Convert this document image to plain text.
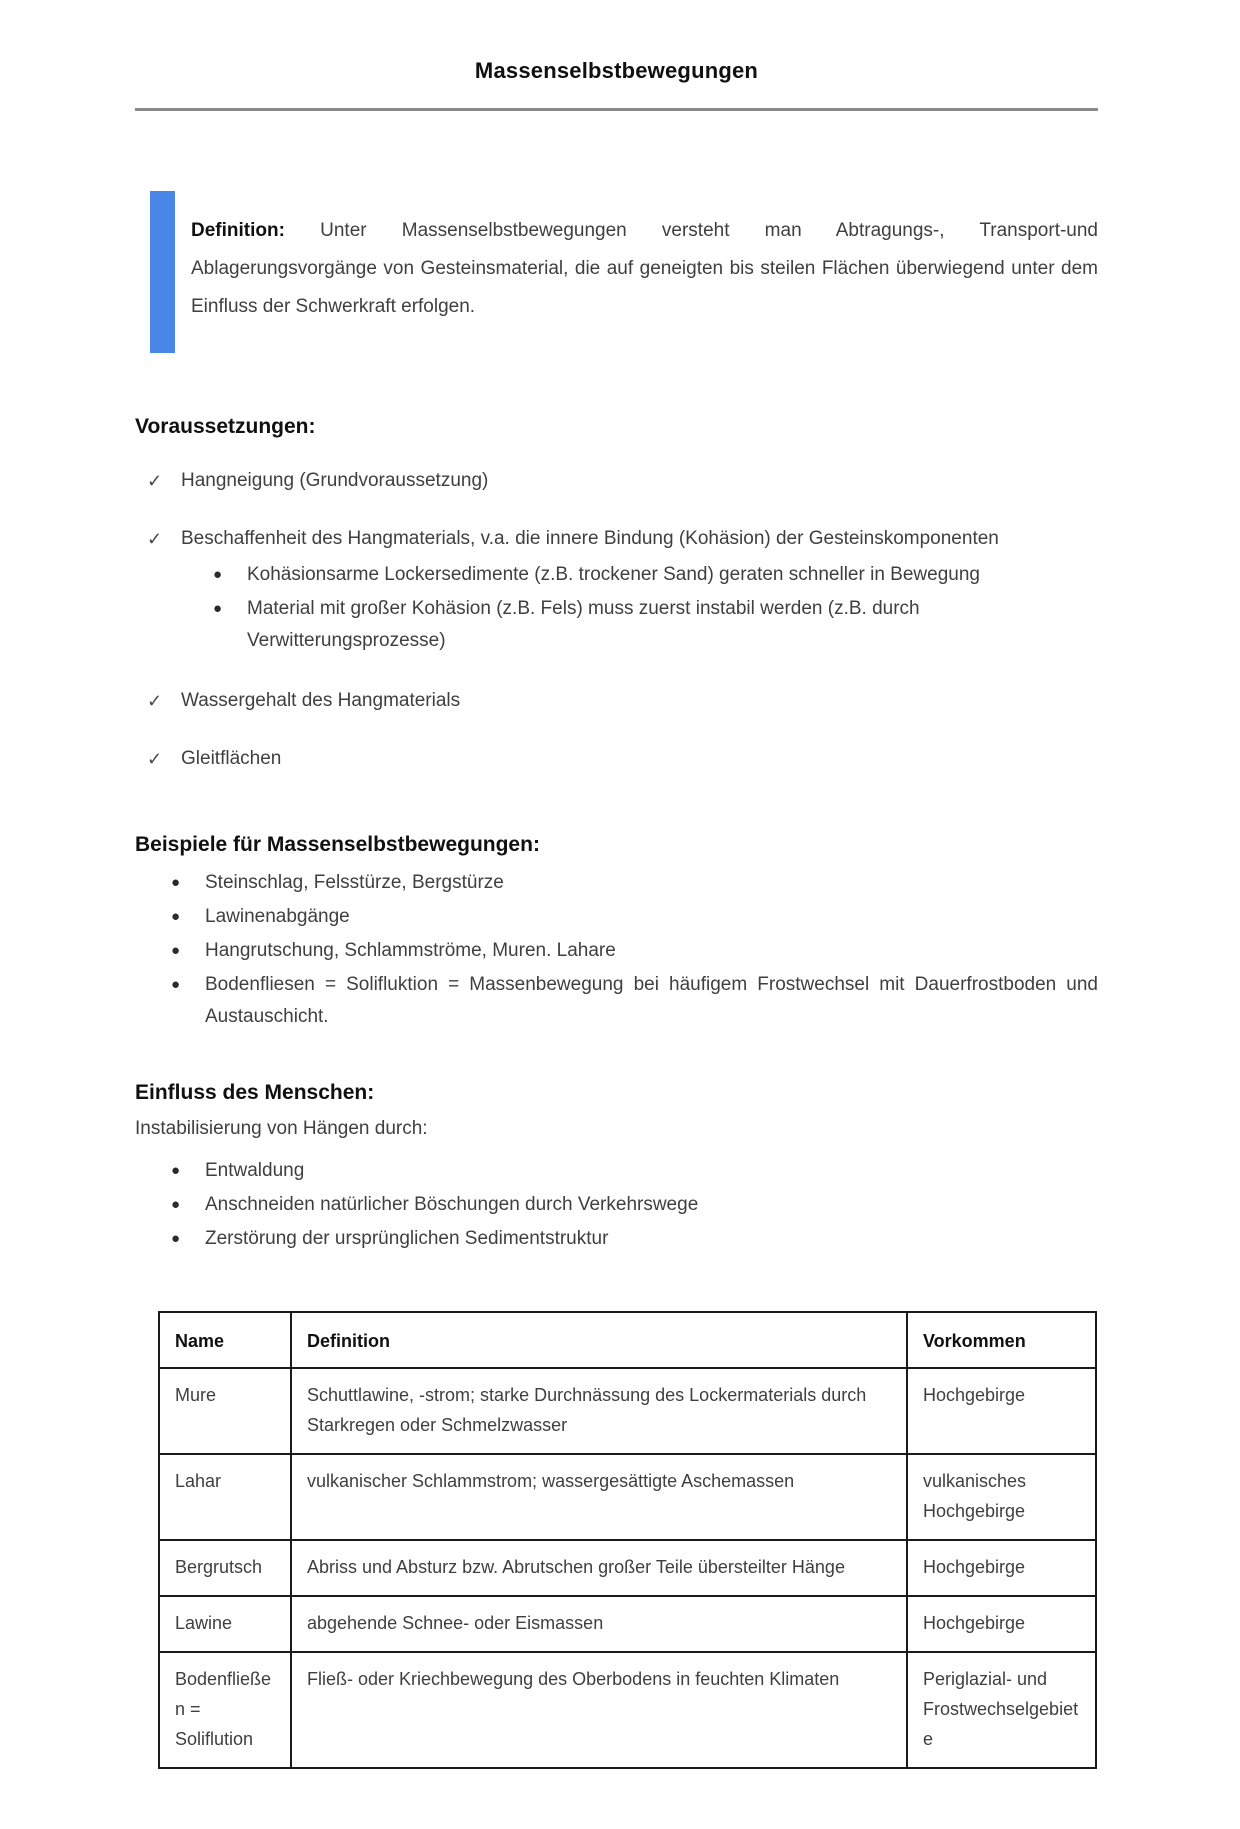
Massenselbstbewegungen

Definition: Unter Massenselbstbewegungen versteht man Abtragungs-, Transport-und Ablagerungsvorgänge von Gesteinsmaterial, die auf geneigten bis steilen Flächen überwiegend unter dem Einfluss der Schwerkraft erfolgen.

Voraussetzungen:
✓ Hangneigung (Grundvoraussetzung)
✓ Beschaffenheit des Hangmaterials, v.a. die innere Bindung (Kohäsion) der Gesteinskomponenten
●	Kohäsionsarme Lockersedimente (z.B. trockener Sand) geraten schneller in Bewegung
●	Material mit großer Kohäsion (z.B. Fels) muss zuerst instabil werden (z.B. durch Verwitterungsprozesse)
✓ Wassergehalt des Hangmaterials
✓ Gleitflächen
Beispiele für Massenselbstbewegungen:
●	Steinschlag, Felsstürze, Bergstürze
●	Lawinenabgänge
●	Hangrutschung, Schlammströme, Muren. Lahare
●	Bodenfliesen = Solifluktion = Massenbewegung bei häufigem Frostwechsel mit Dauerfrostboden und Austauschicht.
Einfluss des Menschen:
Instabilisierung von Hängen durch:
●	Entwaldung
●	Anschneiden natürlicher Böschungen durch Verkehrswege
●	Zerstörung der ursprünglichen Sedimentstruktur
Name	Definition	Vorkommen
Mure	Schuttlawine, -strom; starke Durchnässung des Lockermaterials durch Starkregen oder Schmelzwasser	Hochgebirge
Lahar	vulkanischer Schlammstrom; wassergesättigte Aschemassen	vulkanisches Hochgebirge
Bergrutsch	Abriss und Absturz bzw. Abrutschen großer Teile übersteilter Hänge	Hochgebirge
Lawine	abgehende Schnee- oder Eismassen	Hochgebirge
Bodenfließen = Soliflution	Fließ- oder Kriechbewegung des Oberbodens in feuchten Klimaten	Periglazial- und Frostwechselgebiete
